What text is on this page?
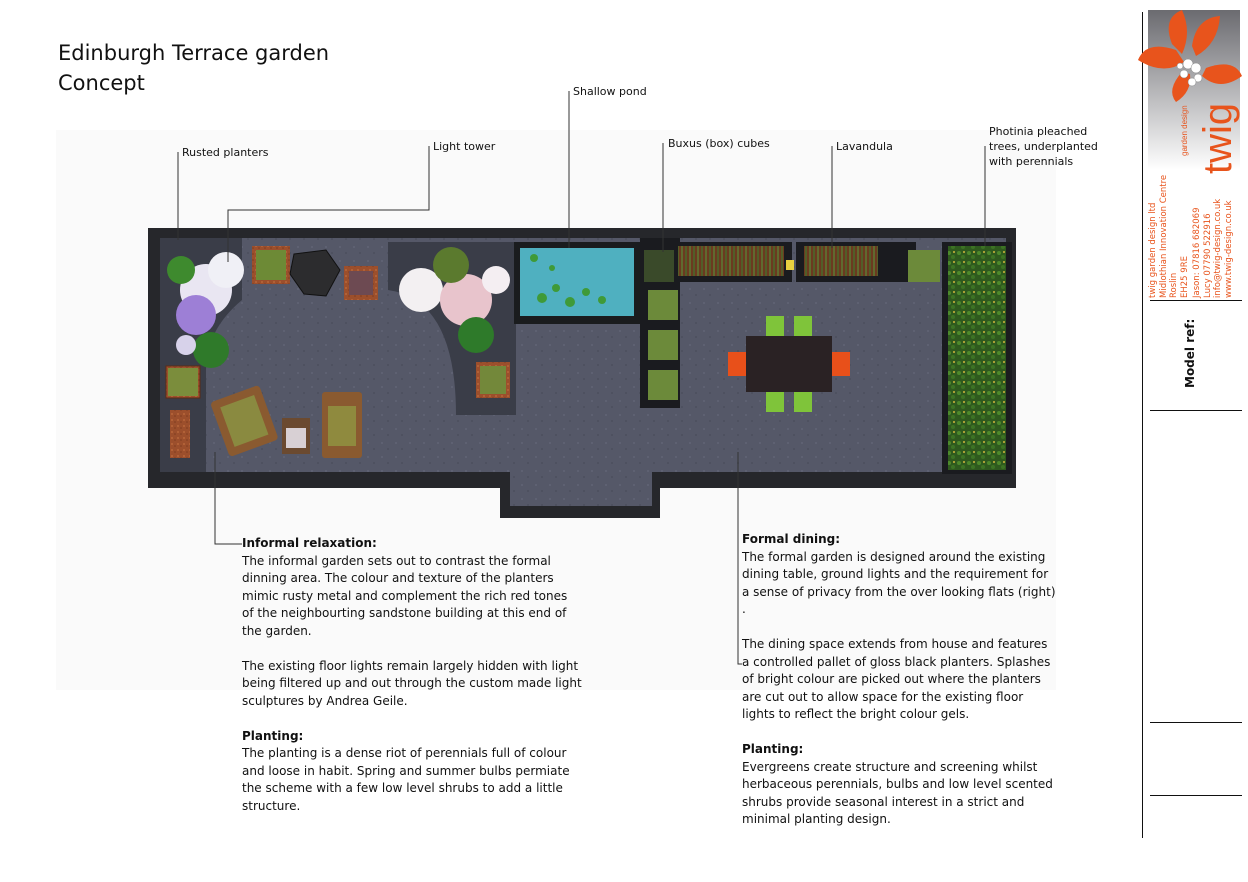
Edinburgh Terrace garden
Concept
Rusted planters	Light tower
Shallow pond
Buxus (box) cubes	Lavandula
Photinia pleached trees, underplanted with perennials

Informal relaxation:

The informal garden sets out to contrast the formal dinning area. The colour and texture of the planters mimic rusty metal and complement the rich red tones of the neighbourting sandstone building at this end of the garden.

The existing floor lights remain largely hidden with light being filtered up and out through the custom made light sculptures by Andrea Geile.

Planting:

The planting is a dense riot of perennials full of colour and loose in habit. Spring and summer bulbs permiate the scheme with a few low level shrubs to add a little structure.

Formal dining:

The formal garden is designed around the existing dining table, ground lights and the requirement for a sense of privacy from the over looking flats (right) .

The dining space extends from house and features a controlled pallet of gloss black planters. Splashes of bright colour are picked out where the planters are cut out to allow space for the existing floor lights to reflect the bright colour gels.

Planting:

Evergreens create structure and screening whilst herbaceous perennials, bulbs and low level scented shrubs provide seasonal interest in a strict and minimal planting design.

twig
garden design
twig garden design ltd Midlothian Innovation Centre Roslin EH25 9RE Jason: 07816 682069 Lucy 07790 522916 info@twig-design.co.uk www.twig-design.co.uk
Model ref:
